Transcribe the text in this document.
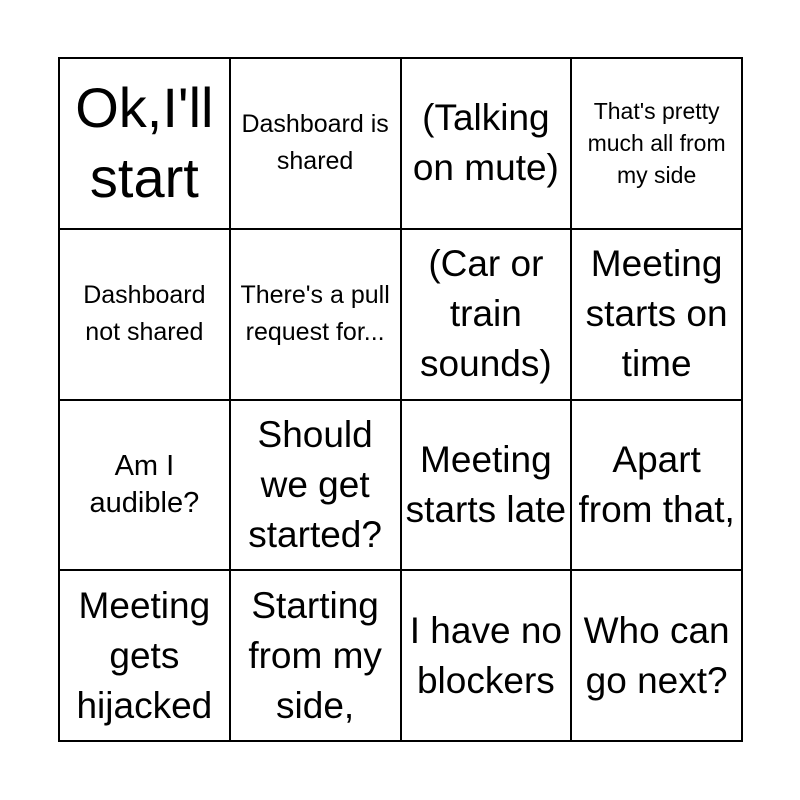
Ok,I'll start
Dashboard is shared
(Talking on mute)
That's pretty much all from my side
Dashboard not shared
There's a pull request for...
(Car or train sounds)
Meeting starts on time
Am I audible?
Should we get started?
Meeting starts late
Apart from that,
Meeting gets hijacked
Starting from my side,
I have no blockers
Who can go next?
